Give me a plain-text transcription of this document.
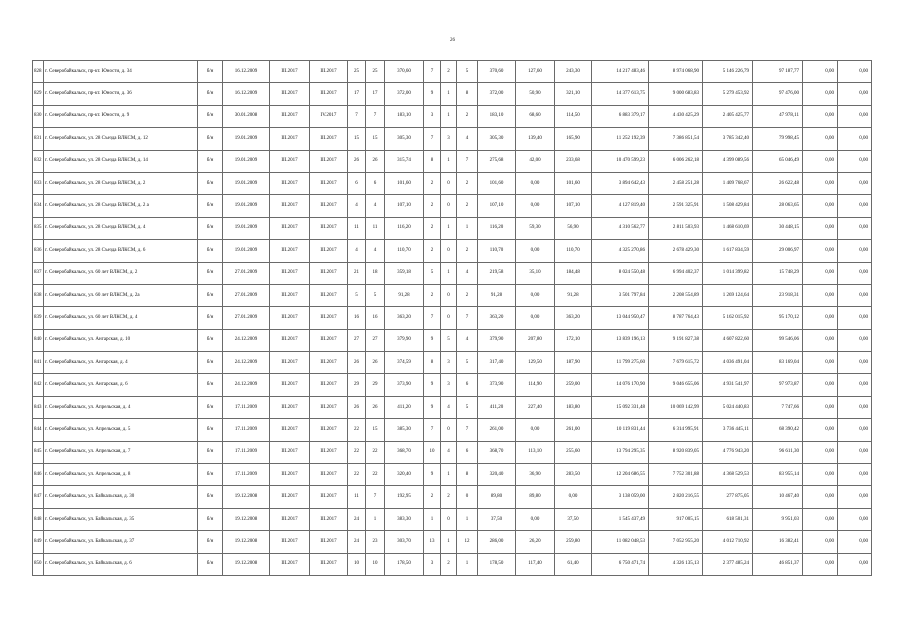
26
828	г. Северобайкальск, пр-кт. Юности, д. 34	б/н	16.12.2009	III.2017	III.2017	25	25	370,60	7	2	5	370,60	127,60	243,30	14 217 483,46	8 974 068,90	5 146 226,79	97 187,77	0,00	0,00
829	г. Северобайкальск, пр-кт. Юности, д. 36	б/н	16.12.2009	III.2017	III.2017	17	17	372,00	9	1	8	372,00	50,90	321,10	14 377 613,75	9 000 683,83	5 279 453,92	97 476,00	0,00	0,00
830	г. Северобайкальск, пр-кт. Юности, д. 9	б/н	30.01.2008	III.2017	IV.2017	7	7	183,10	3	1	2	183,10	68,60	114,50	6 883 379,17	4 430 425,29	2 405 425,77	47 978,11	0,00	0,00
831	г. Северобайкальск, ул. 28 Съезда ВЛКСМ, д. 12	б/н	19.01.2009	III.2017	III.2017	15	15	305,30	7	3	4	305,30	139,40	165,90	11 252 192,39	7 386 851,54	3 785 342,40	79 998,45	0,00	0,00
832	г. Северобайкальск, ул. 28 Съезда ВЛКСМ, д. 14	б/н	19.01.2009	III.2017	III.2017	26	26	315,74	8	1	7	275,68	42,00	233,68	10 470 599,23	6 006 262,18	4 399 089,56	65 046,49	0,00	0,00
833	г. Северобайкальск, ул. 28 Съезда ВЛКСМ, д. 2	б/н	19.01.2009	III.2017	III.2017	6	6	101,60	2	0	2	101,60	0,00	101,60	3 894 642,43	2 458 251,28	1 409 768,67	26 622,48	0,00	0,00
834	г. Северобайкальск, ул. 28 Съезда ВЛКСМ, д. 2 а	б/н	19.01.2009	III.2017	III.2017	4	4	107,10	2	0	2	107,10	0,00	107,10	4 127 819,40	2 591 325,91	1 508 429,84	28 063,65	0,00	0,00
835	г. Северобайкальск, ул. 28 Съезда ВЛКСМ, д. 4	б/н	19.01.2009	III.2017	III.2017	11	11	116,20	2	1	1	116,20	59,30	56,90	4 310 562,77	2 811 503,93	1 468 610,69	30 448,15	0,00	0,00
836	г. Северобайкальск, ул. 28 Съезда ВЛКСМ, д. 6	б/н	19.01.2009	III.2017	III.2017	4	4	110,70	2	0	2	110,70	0,00	110,70	4 325 270,86	2 678 429,30	1 617 834,59	29 006,97	0,00	0,00
837	г. Северобайкальск, ул. 60 лет ВЛКСМ, д. 2	б/н	27.01.2009	III.2017	III.2017	21	18	359,18	5	1	4	219,58	35,10	184,48	8 024 550,48	6 994 402,37	1 014 399,82	15 748,29	0,00	0,00
838	г. Северобайкальск, ул. 60 лет ВЛКСМ, д. 2а	б/н	27.01.2009	III.2017	III.2017	5	5	91,28	2	0	2	91,28	0,00	91,28	3 501 797,84	2 208 554,89	1 269 124,64	23 918,31	0,00	0,00
839	г. Северобайкальск, ул. 60 лет ВЛКСМ, д. 4	б/н	27.01.2009	III.2017	III.2017	16	16	363,20	7	0	7	363,20	0,00	363,20	13 044 950,47	8 787 764,43	5 162 015,92	95 170,12	0,00	0,00
840	г. Северобайкальск, ул. Ангарская, д. 10	б/н	24.12.2009	III.2017	III.2017	27	27	379,90	9	5	4	379,90	207,80	172,10	13 839 196,13	9 191 827,38	4 607 822,60	99 546,06	0,00	0,00
841	г. Северобайкальск, ул. Ангарская, д. 4	б/н	24.12.2009	III.2017	III.2017	26	26	374,59	8	3	5	317,40	129,50	187,90	11 799 275,60	7 679 615,72	4 036 491,04	83 169,04	0,00	0,00
842	г. Северобайкальск, ул. Ангарская, д. 6	б/н	24.12.2009	III.2017	III.2017	29	29	373,90	9	3	6	373,90	114,90	259,00	14 076 170,90	9 046 655,06	4 931 541,97	97 973,87	0,00	0,00
843	г. Северобайкальск, ул. Апрельская, д. 4	б/н	17.11.2009	III.2017	III.2017	26	26	411,20	9	4	5	411,20	227,40	183,80	15 092 331,48	10 069 142,99	5 024 440,83	7 747,66	0,00	0,00
844	г. Северобайкальск, ул. Апрельская, д. 5	б/н	17.11.2009	III.2017	III.2017	22	15	385,30	7	0	7	261,00	0,00	261,00	10 119 831,44	6 314 995,91	3 736 445,11	68 390,42	0,00	0,00
845	г. Северобайкальск, ул. Апрельская, д. 7	б/н	17.11.2009	III.2017	III.2017	22	22	368,70	10	4	6	368,70	113,10	255,60	13 794 295,35	8 920 839,05	4 776 943,20	96 611,30	0,00	0,00
846	г. Северобайкальск, ул. Апрельская, д. 8	б/н	17.11.2009	III.2017	III.2017	22	22	320,40	9	1	8	320,40	36,90	283,50	12 204 686,55	7 752 301,88	4 368 529,53	83 955,14	0,00	0,00
847	г. Северобайкальск, ул. Байкальская, д. 30	б/н	19.12.2008	III.2017	III.2017	11	7	192,95	2	2	0	89,80	89,80	0,00	3 138 059,00	2 820 216,55	277 875,05	10 467,40	0,00	0,00
848	г. Северобайкальск, ул. Байкальская, д. 35	б/н	19.12.2008	III.2017	III.2017	24	1	383,30	1	0	1	37,50	0,00	37,50	1 545 437,49	917 005,15	618 501,31	9 951,03	0,00	0,00
849	г. Северобайкальск, ул. Байкальская, д. 37	б/н	19.12.2008	III.2017	III.2017	24	23	303,70	13	1	12	286,00	26,20	259,80	11 082 048,53	7 052 955,20	4 012 710,92	16 382,41	0,00	0,00
850	г. Северобайкальск, ул. Байкальская, д. 6	б/н	19.12.2008	III.2017	III.2017	10	10	178,50	3	2	1	178,50	117,40	61,40	6 750 471,74	4 326 135,13	2 377 485,24	46 851,37	0,00	0,00
